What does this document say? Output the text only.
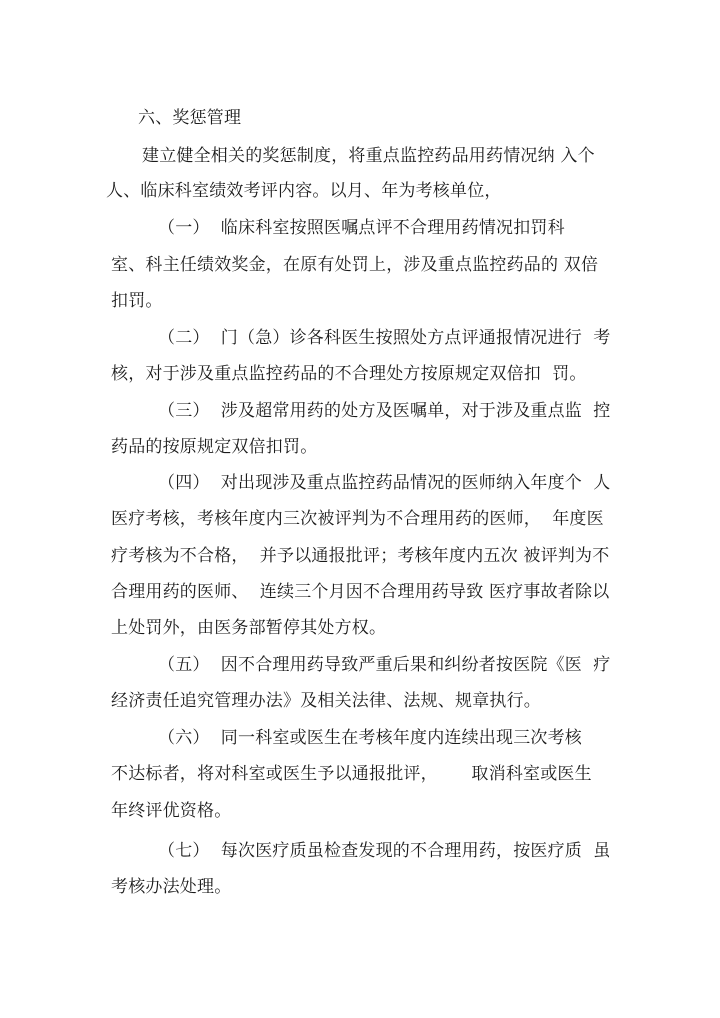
六、奖惩管理
建立健全相关的奖惩制度，将重点监控药品用药情况纳 入个
人、临床科室绩效考评内容。以月、年为考核单位，
（一）  临床科室按照医嘱点评不合理用药情况扣罚科
室、科主任绩效奖金，在原有处罚上，涉及重点监控药品的 双倍
扣罚。
（二）  门（急）诊各科医生按照处方点评通报情况进行  考
核，对于涉及重点监控药品的不合理处方按原规定双倍扣  罚。
（三）  涉及超常用药的处方及医嘱单，对于涉及重点监  控
药品的按原规定双倍扣罚。
（四）  对出现涉及重点监控药品情况的医师纳入年度个  人
医疗考核，考核年度内三次被评判为不合理用药的医师，  年度医
疗考核为不合格，  并予以通报批评；考核年度内五次 被评判为不
合理用药的医师、  连续三个月因不合理用药导致 医疗事故者除以
上处罚外，由医务部暂停其处方权。
（五）  因不合理用药导致严重后果和纠纷者按医院《医  疗
经济责任追究管理办法》及相关法律、法规、规章执行。
（六）  同一科室或医生在考核年度内连续出现三次考核
不达标者，将对科室或医生予以通报批评，      取消科室或医生
年终评优资格。
（七）  每次医疗质虽检查发现的不合理用药，按医疗质  虽
考核办法处理。
